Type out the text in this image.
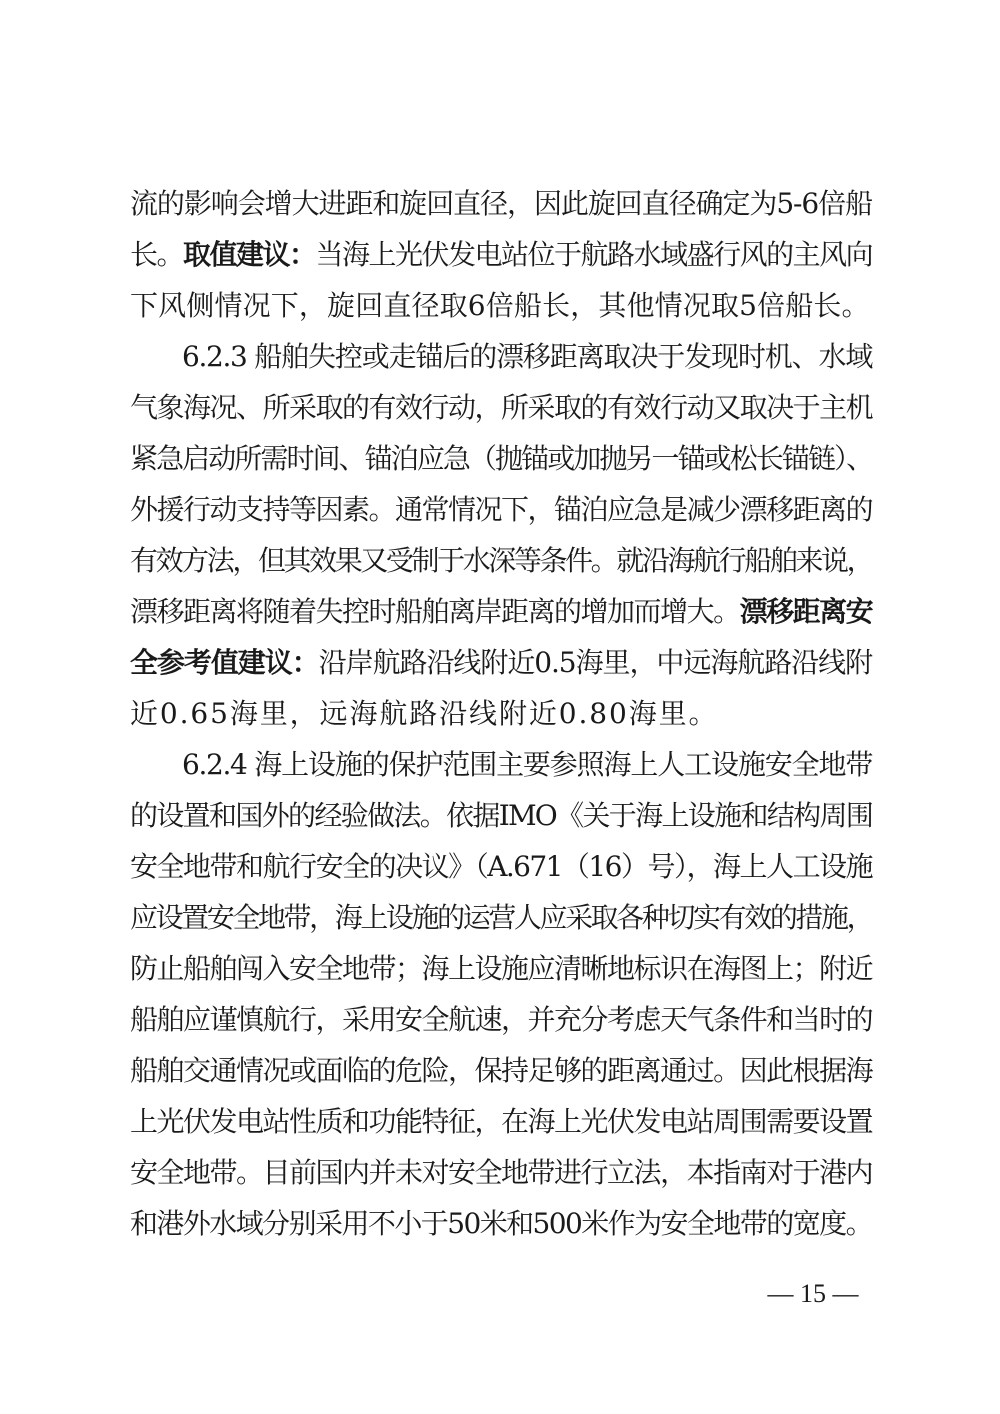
流的影响会增大进距和旋回直径，因此旋回直径确定为5-6倍船
长。取值建议：当海上光伏发电站位于航路水域盛行风的主风向
下风侧情况下，旋回直径取6倍船长，其他情况取5倍船长。
6.2.3 船舶失控或走锚后的漂移距离取决于发现时机、水域
气象海况、所采取的有效行动，所采取的有效行动又取决于主机
紧急启动所需时间、锚泊应急（抛锚或加抛另一锚或松长锚链）、
外援行动支持等因素。通常情况下，锚泊应急是减少漂移距离的
有效方法，但其效果又受制于水深等条件。就沿海航行船舶来说，
漂移距离将随着失控时船舶离岸距离的增加而增大。漂移距离安
全参考值建议：沿岸航路沿线附近0.5海里，中远海航路沿线附
近0.65海里，远海航路沿线附近0.80海里。
6.2.4 海上设施的保护范围主要参照海上人工设施安全地带
的设置和国外的经验做法。依据IMO《关于海上设施和结构周围
安全地带和航行安全的决议》（A.671（16）号），海上人工设施
应设置安全地带，海上设施的运营人应采取各种切实有效的措施，
防止船舶闯入安全地带；海上设施应清晰地标识在海图上；附近
船舶应谨慎航行，采用安全航速，并充分考虑天气条件和当时的
船舶交通情况或面临的危险，保持足够的距离通过。因此根据海
上光伏发电站性质和功能特征，在海上光伏发电站周围需要设置
安全地带。目前国内并未对安全地带进行立法，本指南对于港内
和港外水域分别采用不小于50米和500米作为安全地带的宽度。
— 15 —
